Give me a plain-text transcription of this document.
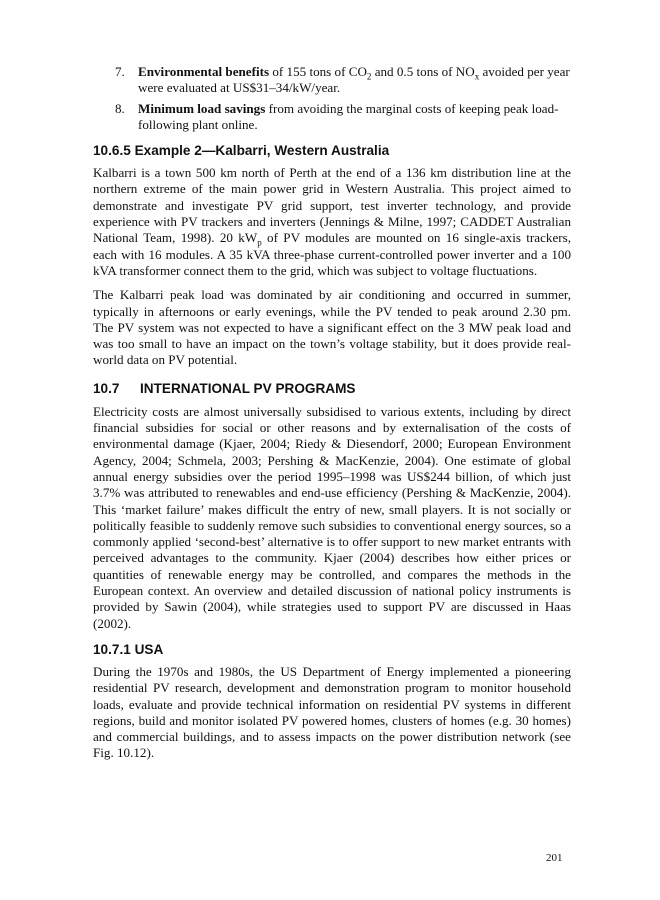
7. Environmental benefits of 155 tons of $CO_2$ and 0.5 tons of $NO_x$ avoided per year were evaluated at US$31–34/kW/year.
8. Minimum load savings from avoiding the marginal costs of keeping peak load-following plant online.
10.6.5 Example 2—Kalbarri, Western Australia

Kalbarri is a town 500 km north of Perth at the end of a 136 km distribution line at the northern extreme of the main power grid in Western Australia. This project aimed to demonstrate and investigate PV grid support, test inverter technology, and provide experience with PV trackers and inverters (Jennings & Milne, 1997; CADDET Australian National Team, 1998). 20 $kW_p$ of PV modules are mounted on 16 single-axis trackers, each with 16 modules. A 35 kVA three-phase current-controlled power inverter and a 100 kVA transformer connect them to the grid, which was subject to voltage fluctuations.

The Kalbarri peak load was dominated by air conditioning and occurred in summer, typically in afternoons or early evenings, while the PV tended to peak around 2.30 pm. The PV system was not expected to have a significant effect on the 3 MW peak load and was too small to have an impact on the town’s voltage stability, but it does provide real-world data on PV potential.

10.7 INTERNATIONAL PV PROGRAMS

Electricity costs are almost universally subsidised to various extents, including by direct financial subsidies for social or other reasons and by externalisation of the costs of environmental damage (Kjaer, 2004; Riedy & Diesendorf, 2000; European Environment Agency, 2004; Schmela, 2003; Pershing & MacKenzie, 2004). One estimate of global annual energy subsidies over the period 1995–1998 was US$244 billion, of which just 3.7% was attributed to renewables and end-use efficiency (Pershing & MacKenzie, 2004). This ‘market failure’ makes difficult the entry of new, small players. It is not socially or politically feasible to suddenly remove such subsidies to conventional energy sources, so a commonly applied ‘second-best’ alternative is to offer support to new market entrants with perceived advantages to the community. Kjaer (2004) describes how either prices or quantities of renewable energy may be controlled, and compares the methods in the European context. An overview and detailed discussion of national policy instruments is provided by Sawin (2004), while strategies used to support PV are discussed in Haas (2002).

10.7.1 USA

During the 1970s and 1980s, the US Department of Energy implemented a pioneering residential PV research, development and demonstration program to monitor household loads, evaluate and provide technical information on residential PV systems in different regions, build and monitor isolated PV powered homes, clusters of homes (e.g. 30 homes) and commercial buildings, and to assess impacts on the power distribution network (see Fig. 10.12).

201
